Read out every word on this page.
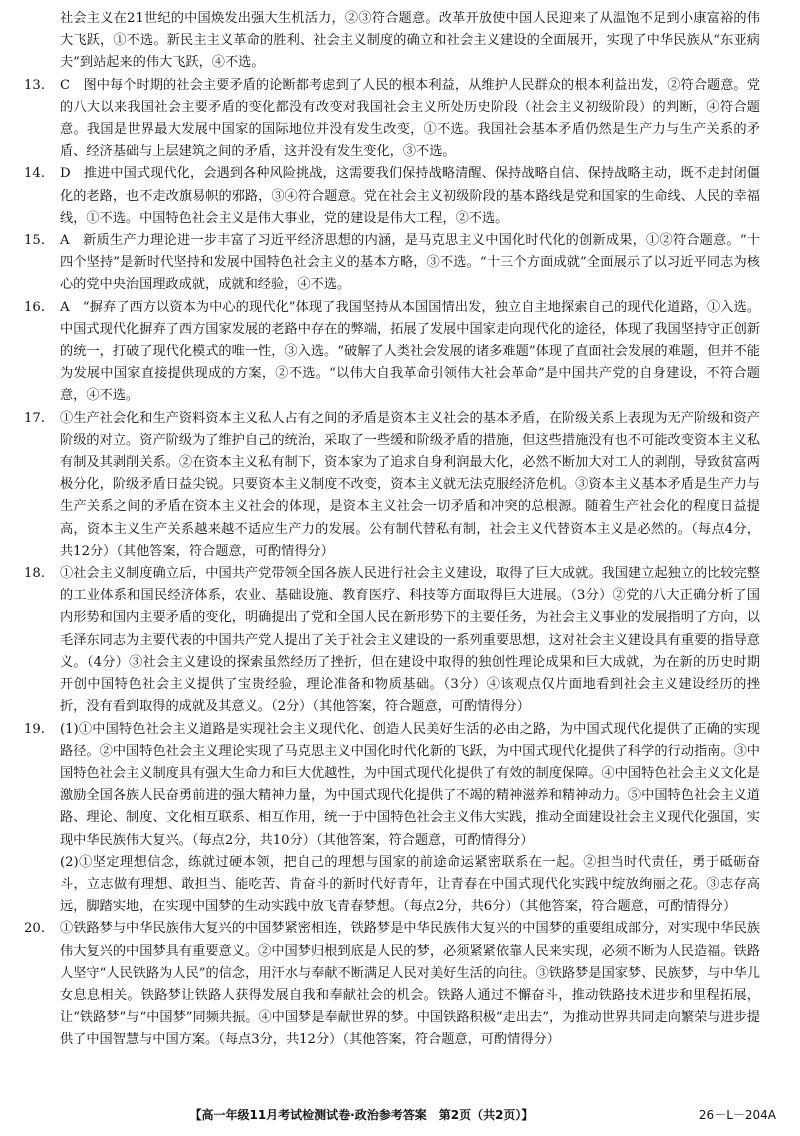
社会主义在21世纪的中国焕发出强大生机活力，②③符合题意。改革开放使中国人民迎来了从温饱不足到小康富裕的伟大飞跃，①不选。新民主主义革命的胜利、社会主义制度的确立和社会主义建设的全面展开，实现了中华民族从“东亚病夫”到站起来的伟大飞跃，④不选。

13.	C　图中每个时期的社会主要矛盾的论断都考虑到了人民的根本利益，从维护人民群众的根本利益出发，②符合题意。党的八大以来我国社会主要矛盾的变化都没有改变对我国社会主义所处历史阶段（社会主义初级阶段）的判断，④符合题意。我国是世界最大发展中国家的国际地位并没有发生改变，①不选。我国社会基本矛盾仍然是生产力与生产关系的矛盾、经济基础与上层建筑之间的矛盾，这并没有发生变化，③不选。
14.	D　推进中国式现代化，会遇到各种风险挑战，这需要我们保持战略清醒、保持战略自信、保持战略主动，既不走封闭僵化的老路，也不走改旗易帜的邪路，③④符合题意。党在社会主义初级阶段的基本路线是党和国家的生命线、人民的幸福线，①不选。中国特色社会主义是伟大事业，党的建设是伟大工程，②不选。
15.	A　新质生产力理论进一步丰富了习近平经济思想的内涵，是马克思主义中国化时代化的创新成果，①②符合题意。“十四个坚持”是新时代坚持和发展中国特色社会主义的基本方略，③不选。“十三个方面成就”全面展示了以习近平同志为核心的党中央治国理政成就，成就和经验，④不选。
16.	A　“摒弃了西方以资本为中心的现代化”体现了我国坚持从本国国情出发，独立自主地探索自己的现代化道路，①入选。中国式现代化摒弃了西方国家发展的老路中存在的弊端，拓展了发展中国家走向现代化的途径，体现了我国坚持守正创新的统一，打破了现代化模式的唯一性，③入选。“破解了人类社会发展的诸多难题”体现了直面社会发展的难题，但并不能为发展中国家直接提供现成的方案，②不选。“以伟大自我革命引领伟大社会革命”是中国共产党的自身建设，不符合题意，④不选。
17.	①生产社会化和生产资料资本主义私人占有之间的矛盾是资本主义社会的基本矛盾，在阶级关系上表现为无产阶级和资产阶级的对立。资产阶级为了维护自己的统治，采取了一些缓和阶级矛盾的措施，但这些措施没有也不可能改变资本主义私有制及其剥削关系。②在资本主义私有制下，资本家为了追求自身利润最大化，必然不断加大对工人的剥削，导致贫富两极分化，阶级矛盾日益尖锐。只要资本主义制度不改变，资本主义就无法克服经济危机。③资本主义基本矛盾是生产力与生产关系之间的矛盾在资本主义社会的体现，是资本主义社会一切矛盾和冲突的总根源。随着生产社会化的程度日益提高，资本主义生产关系越来越不适应生产力的发展。公有制代替私有制，社会主义代替资本主义是必然的。（每点4分，共12分）（其他答案，符合题意，可酌情得分）
18.	①社会主义制度确立后，中国共产党带领全国各族人民进行社会主义建设，取得了巨大成就。我国建立起独立的比较完整的工业体系和国民经济体系，农业、基础设施、教育医疗、科技等方面取得巨大进展。（3分）②党的八大正确分析了国内形势和国内主要矛盾的变化，明确提出了党和全国人民在新形势下的主要任务，为社会主义事业的发展指明了方向，以毛泽东同志为主要代表的中国共产党人提出了关于社会主义建设的一系列重要思想，这对社会主义建设具有重要的指导意义。（4分）③社会主义建设的探索虽然经历了挫折，但在建设中取得的独创性理论成果和巨大成就，为在新的历史时期开创中国特色社会主义提供了宝贵经验，理论准备和物质基础。（3分）④该观点仅片面地看到社会主义建设经历的挫折，没有看到取得的成就及其意义。（2分）（其他答案，符合题意，可酌情得分）
19.	(1)①中国特色社会主义道路是实现社会主义现代化、创造人民美好生活的必由之路，为中国式现代化提供了正确的实现路径。②中国特色社会主义理论实现了马克思主义中国化时代化新的飞跃，为中国式现代化提供了科学的行动指南。③中国特色社会主义制度具有强大生命力和巨大优越性，为中国式现代化提供了有效的制度保障。④中国特色社会主义文化是激励全国各族人民奋勇前进的强大精神力量，为中国式现代化提供了不竭的精神滋养和精神动力。⑤中国特色社会主义道路、理论、制度、文化相互联系、相互作用，统一于中国特色社会主义伟大实践，推动全面建设社会主义现代化强国，实现中华民族伟大复兴。（每点2分，共10分）（其他答案，符合题意，可酌情得分）
(2)①坚定理想信念，练就过硬本领，把自己的理想与国家的前途命运紧密联系在一起。②担当时代责任，勇于砥砺奋斗，立志做有理想、敢担当、能吃苦、肯奋斗的新时代好青年，让青春在中国式现代化实践中绽放绚丽之花。③志存高远，脚踏实地，在实现中国梦的生动实践中放飞青春梦想。（每点2分，共6分）（其他答案，符合题意，可酌情得分）
20.	①铁路梦与中华民族伟大复兴的中国梦紧密相连，铁路梦是中华民族伟大复兴的中国梦的重要组成部分，对实现中华民族伟大复兴的中国梦具有重要意义。②中国梦归根到底是人民的梦，必须紧紧依靠人民来实现，必须不断为人民造福。铁路人坚守“人民铁路为人民”的信念，用汗水与奉献不断满足人民对美好生活的向往。③铁路梦是国家梦、民族梦，与中华儿女息息相关。铁路梦让铁路人获得发展自我和奉献社会的机会。铁路人通过不懈奋斗，推动铁路技术进步和里程拓展，让“铁路梦”与“中国梦”同频共振。④中国梦是奉献世界的梦。中国铁路积极“走出去”，为推动世界共同走向繁荣与进步提供了中国智慧与中国方案。（每点3分，共12分）（其他答案，符合题意，可酌情得分）
【高一年级11月考试检测试卷·政治参考答案　第2页（共2页）】	26－L－204A
